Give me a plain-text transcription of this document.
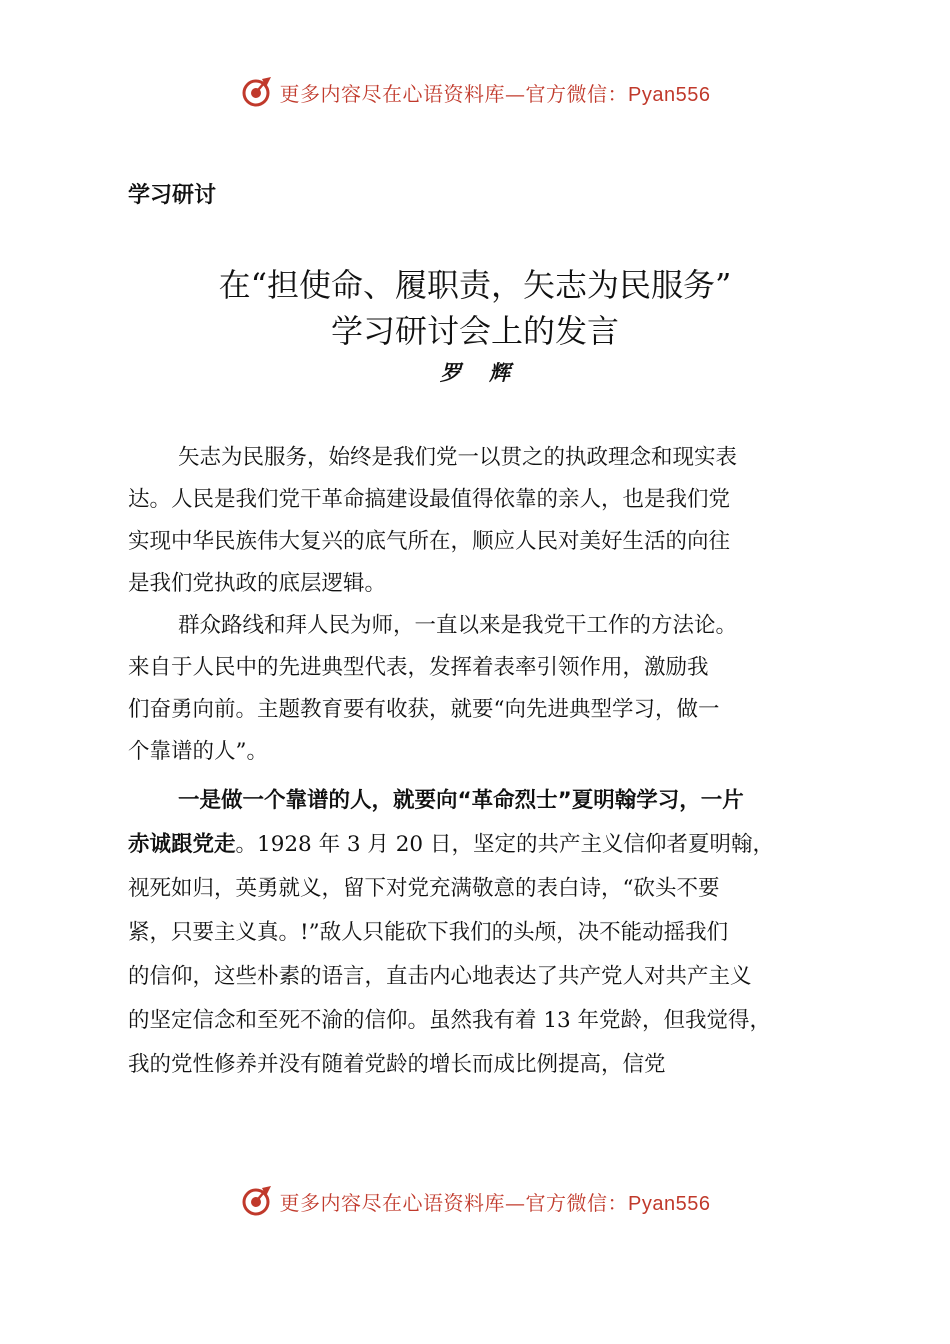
更多内容尽在心语资料库—官方微信：Pyan556
学习研讨
在“担使命、履职责，矢志为民服务”
学习研讨会上的发言
罗辉
矢志为民服务，始终是我们党一以贯之的执政理念和现实表
达。人民是我们党干革命搞建设最值得依靠的亲人，也是我们党
实现中华民族伟大复兴的底气所在，顺应人民对美好生活的向往
是我们党执政的底层逻辑。
群众路线和拜人民为师，一直以来是我党干工作的方法论。
来自于人民中的先进典型代表，发挥着表率引领作用，激励我
们奋勇向前。主题教育要有收获，就要“向先进典型学习，做一
个靠谱的人”。
一是做一个靠谱的人，就要向“革命烈士”夏明翰学习，一片
赤诚跟党走。1928 年 3 月 20 日，坚定的共产主义信仰者夏明翰，
视死如归，英勇就义，留下对党充满敬意的表白诗，“砍头不要
紧，只要主义真。!”敌人只能砍下我们的头颅，决不能动摇我们
的信仰，这些朴素的语言，直击内心地表达了共产党人对共产主义
的坚定信念和至死不渝的信仰。虽然我有着 13 年党龄，但我觉得，
我的党性修养并没有随着党龄的增长而成比例提高，信党
更多内容尽在心语资料库—官方微信：Pyan556
